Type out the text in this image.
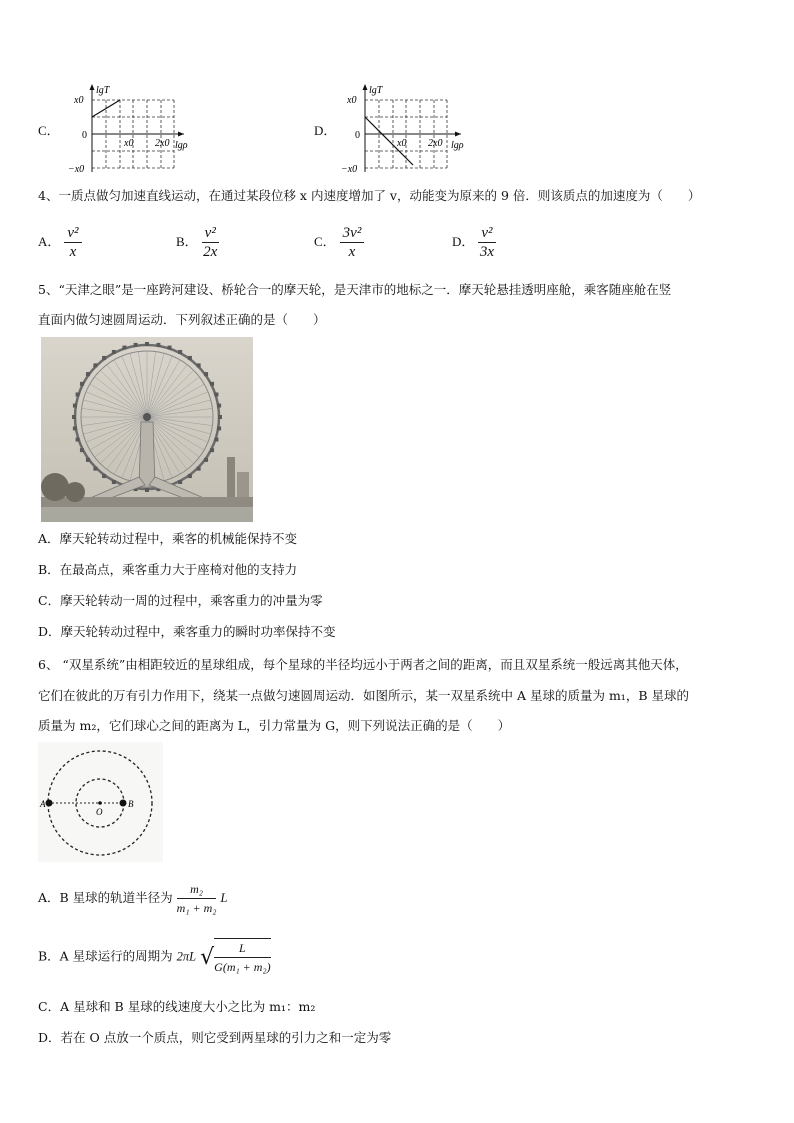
C．
lgT
lgρ
x0
0
−x0
x0 2x0
D．
lgT
lgρ
x0
0
−x0
x0 2x0
4、一质点做匀加速直线运动，在通过某段位移 x 内速度增加了 v，动能变为原来的 9 倍．则该质点的加速度为（　　）
A． $\frac{\text{v²}}{x}$	B． $\frac{\text{v²}}{2x}$	C． $\frac{\text{3v²}}{x}$	D． $\frac{\text{v²}}{3x}$
5、“天津之眼”是一座跨河建设、桥轮合一的摩天轮，是天津市的地标之一．摩天轮悬挂透明座舱，乘客随座舱在竖
直面内做匀速圆周运动．下列叙述正确的是（　　）
A．摩天轮转动过程中，乘客的机械能保持不变
B．在最高点，乘客重力大于座椅对他的支持力
C．摩天轮转动一周的过程中，乘客重力的冲量为零
D．摩天轮转动过程中，乘客重力的瞬时功率保持不变
6、 “双星系统”由相距较近的星球组成，每个星球的半径均远小于两者之间的距离，而且双星系统一般远离其他天体，
它们在彼此的万有引力作用下，绕某一点做匀速圆周运动．如图所示，某一双星系统中 A 星球的质量为 m₁，B 星球的
质量为 m₂，它们球心之间的距离为 L，引力常量为 G，则下列说法正确的是（　　）
A	B
O
A．B 星球的轨道半径为 $\frac{\text{m₂}}{\text{m₁ + m₂}}$ L
B．A 星球运行的周期为 2πL √ $\frac{L}{\text{G(m₁ + m₂)}}$
C．A 星球和 B 星球的线速度大小之比为 m₁：m₂
D．若在 O 点放一个质点，则它受到两星球的引力之和一定为零
